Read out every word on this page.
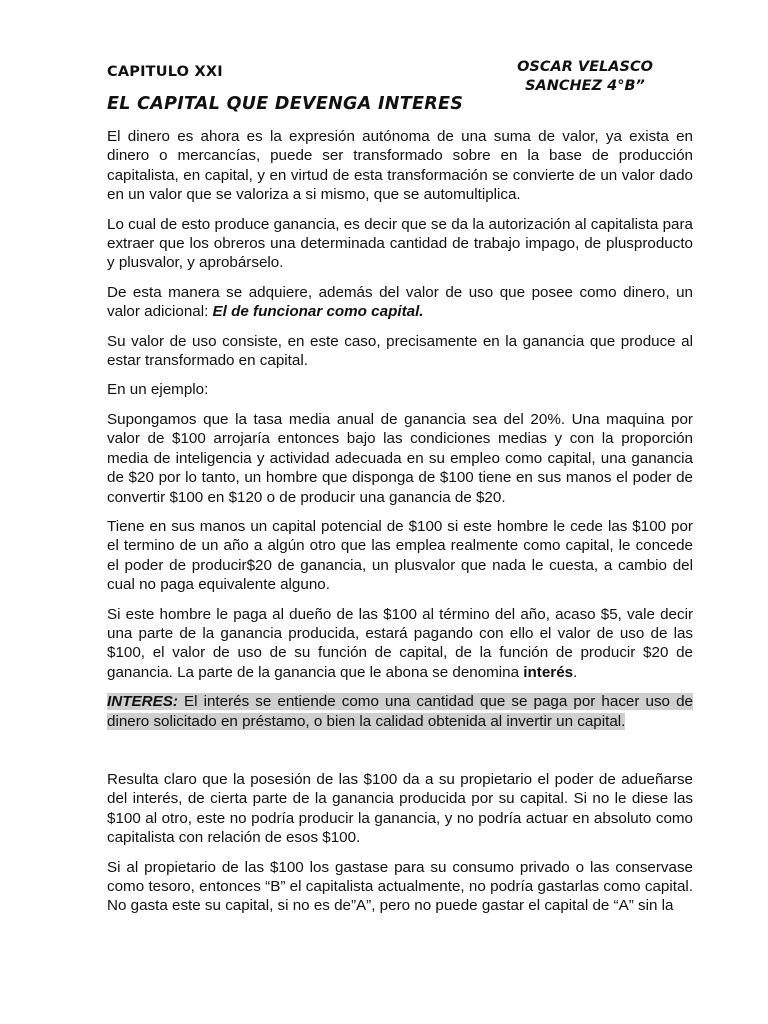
CAPITULO XXI	OSCAR VELASCO
SANCHEZ 4°B”
EL CAPITAL QUE DEVENGA INTERES

El dinero es ahora es la expresión autónoma de una suma de valor, ya exista en dinero o mercancías, puede ser transformado sobre en la base de producción capitalista, en capital, y en virtud de esta transformación se convierte de un valor dado en un valor que se valoriza a si mismo, que se automultiplica.

Lo cual de esto produce ganancia, es decir que se da la autorización al capitalista para extraer que los obreros una determinada cantidad de trabajo impago, de plusproducto y plusvalor, y aprobárselo.

De esta manera se adquiere, además del valor de uso que posee como dinero, un valor adicional: El de funcionar como capital.

Su valor de uso consiste, en este caso, precisamente en la ganancia que produce al estar transformado en capital.

En un ejemplo:

Supongamos que la tasa media anual de ganancia sea del 20%. Una maquina por valor de $100 arrojaría entonces bajo las condiciones medias y con la proporción media de inteligencia y actividad adecuada en su empleo como capital, una ganancia de $20 por lo tanto, un hombre que disponga de $100 tiene en sus manos el poder de convertir $100 en $120 o de producir una ganancia de $20.

Tiene en sus manos un capital potencial de $100 si este hombre le cede las $100 por el termino de un año a algún otro que las emplea realmente como capital, le concede el poder de producir$20 de ganancia, un plusvalor que nada le cuesta, a cambio del cual no paga equivalente alguno.

Si este hombre le paga al dueño de las $100 al término del año, acaso $5, vale decir una parte de la ganancia producida, estará pagando con ello el valor de uso de las $100, el valor de uso de su función de capital, de la función de producir $20 de ganancia. La parte de la ganancia que le abona se denomina interés.

INTERES: El interés se entiende como una cantidad que se paga por hacer uso de dinero solicitado en préstamo, o bien la calidad obtenida al invertir un capital.

Resulta claro que la posesión de las $100 da a su propietario el poder de adueñarse del interés, de cierta parte de la ganancia producida por su capital. Si no le diese las $100 al otro, este no podría producir la ganancia, y no podría actuar en absoluto como capitalista con relación de esos $100.

Si al propietario de las $100 los gastase para su consumo privado o las conservase como tesoro, entonces “B” el capitalista actualmente, no podría gastarlas como capital. No gasta este su capital, si no es de”A”, pero no puede gastar el capital de “A” sin la
